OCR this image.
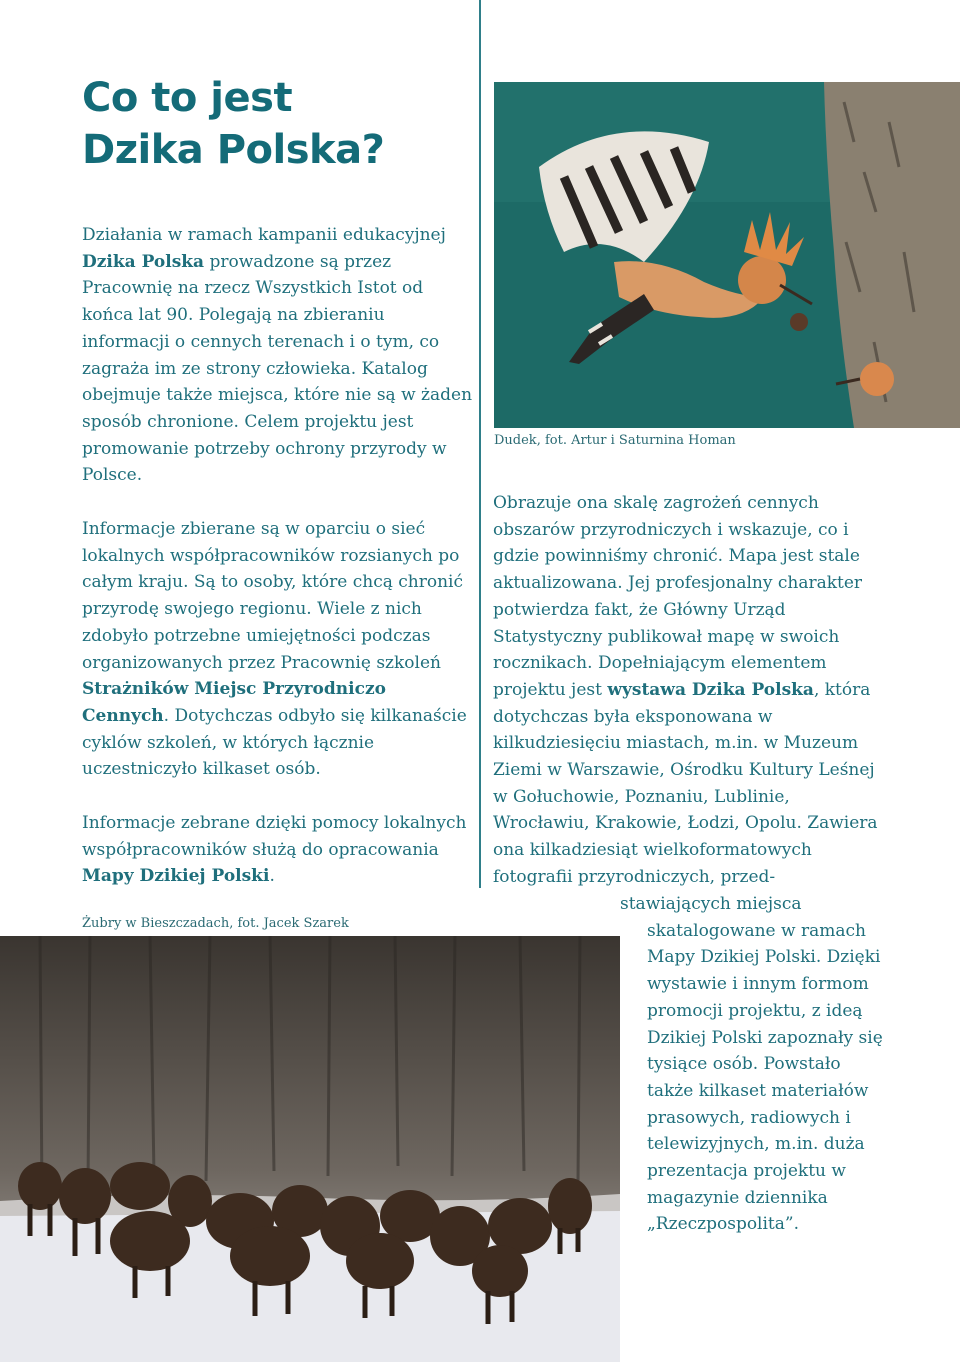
Co to jest
Dzika Polska?

Działania w ramach kampanii edukacyjnej Dzika Polska prowadzone są przez Pracownię na rzecz Wszystkich Istot od końca lat 90. Polegają na zbieraniu informacji o cennych terenach i o tym, co zagraża im ze strony człowieka. Katalog obejmuje także miejsca, które nie są w żaden sposób chronione. Celem projektu jest promowanie potrzeby ochrony przyrody w Polsce.

Informacje zbierane są w oparciu o sieć lokalnych współpracowników rozsianych po całym kraju. Są to osoby, które chcą chronić przyrodę swojego regionu. Wiele z nich zdobyło potrzebne umiejętności podczas organizowanych przez Pracownię szkoleń Strażników Miejsc Przyrodniczo Cennych. Dotychczas odbyło się kilkanaście cyklów szkoleń, w których łącznie uczestniczyło kilkaset osób.

Informacje zebrane dzięki pomocy lokalnych współpracowników służą do opracowania Mapy Dzikiej Polski.

Dudek, fot. Artur i Saturnina Homan

Obrazuje ona skalę zagrożeń cennych obszarów przyrodniczych i wskazuje, co i gdzie powinniśmy chronić. Mapa jest stale aktualizowana. Jej profesjonalny charakter potwierdza fakt, że Główny Urząd Statystyczny publikował mapę w swoich rocznikach. Dopełniającym elementem projektu jest wystawa Dzika Polska, która dotychczas była eksponowana w kilkudziesięciu miastach, m.in. w Muzeum Ziemi w Warszawie, Ośrodku Kultury Leśnej w Gołuchowie, Poznaniu, Lublinie, Wrocławiu, Krakowie, Łodzi, Opolu. Zawiera ona kilkadziesiąt wielkoformatowych fotografii przyrodniczych, przed-

stawiających miejsca skatalogowane w ramach Mapy Dzikiej Polski. Dzięki wystawie i innym formom promocji projektu, z ideą Dzikiej Polski zapoznały się tysiące osób. Powstało także kilkaset materiałów prasowych, radiowych i telewizyjnych, m.in. duża prezentacja projektu w magazynie dziennika „Rzeczpospolita”.

Żubry w Bieszczadach, fot. Jacek Szarek
